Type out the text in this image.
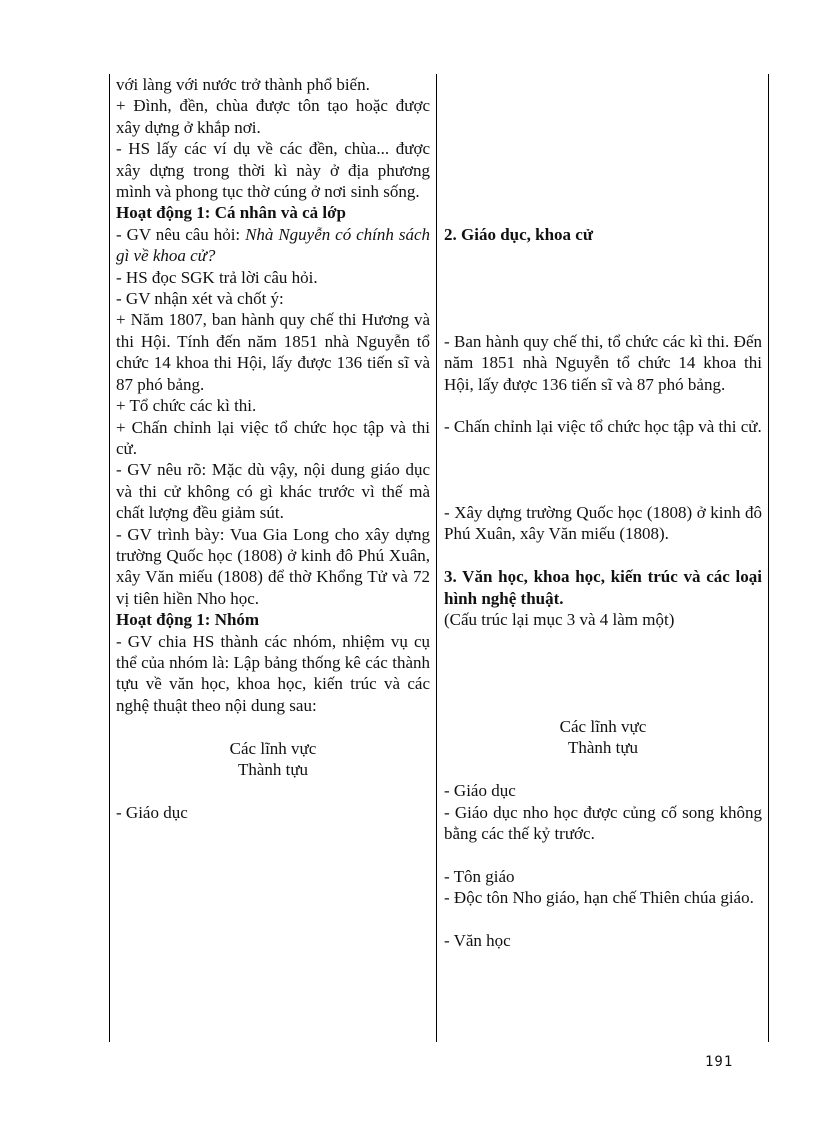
với làng với nước trở thành phổ biến.

+ Đình, đền, chùa được tôn tạo hoặc được xây dựng ở khắp nơi.

- HS lấy các ví dụ về các đền, chùa... được xây dựng trong thời kì này ở địa phương mình và phong tục thờ cúng ở nơi sinh sống.

Hoạt động 1: Cá nhân và cả lớp

- GV nêu câu hỏi: Nhà Nguyễn có chính sách gì về khoa cử?

- HS đọc SGK trả lời câu hỏi.

- GV nhận xét và chốt ý:

+ Năm 1807, ban hành quy chế thi Hương và thi Hội. Tính đến năm 1851 nhà Nguyễn tổ chức 14 khoa thi Hội, lấy được 136 tiến sĩ và 87 phó bảng.

+ Tổ chức các kì thi.

+ Chấn chỉnh lại việc tổ chức học tập và thi cử.

- GV nêu rõ: Mặc dù vậy, nội dung giáo dục và thi cử không có gì khác trước vì thế mà chất lượng đều giảm sút.

- GV trình bày: Vua Gia Long cho xây dựng trường Quốc học (1808) ở kinh đô Phú Xuân, xây Văn miếu (1808) để thờ Khổng Tử và 72 vị tiên hiền Nho học.

Hoạt động 1: Nhóm

- GV chia HS thành các nhóm, nhiệm vụ cụ thể của nhóm là: Lập bảng thống kê các thành tựu về văn học, khoa học, kiến trúc và các nghệ thuật theo nội dung sau:

Các lĩnh vực

Thành tựu

- Giáo dục

2. Giáo dục, khoa cử

- Ban hành quy chế thi, tổ chức các kì thi. Đến năm 1851 nhà Nguyễn tổ chức 14 khoa thi Hội, lấy được 136 tiến sĩ và 87 phó bảng.

- Chấn chỉnh lại việc tổ chức học tập và thi cử.

- Xây dựng trường Quốc học (1808) ở kinh đô Phú Xuân, xây Văn miếu (1808).

3. Văn học, khoa học, kiến trúc và các loại hình nghệ thuật.

(Cấu trúc lại mục 3 và 4 làm một)

Các lĩnh vực

Thành tựu

- Giáo dục

- Giáo dục nho học được củng cố song không bằng các thế kỷ trước.

- Tôn giáo

- Độc tôn Nho giáo, hạn chế Thiên chúa giáo.

- Văn học

191
